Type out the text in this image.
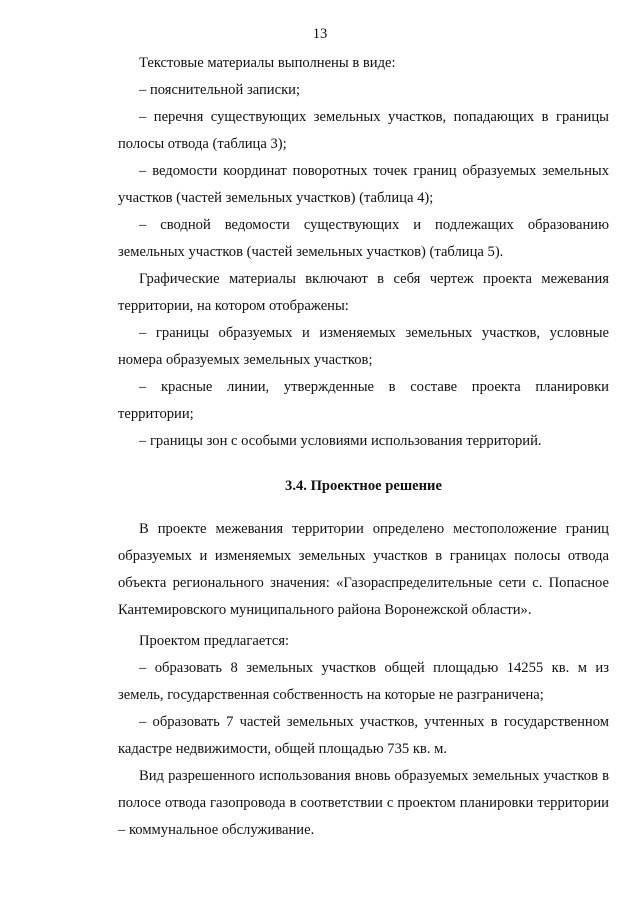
13

Текстовые материалы выполнены в виде:

– пояснительной записки;

– перечня существующих земельных участков, попадающих в границы полосы отвода (таблица 3);

– ведомости координат поворотных точек границ образуемых земельных участков (частей земельных участков) (таблица 4);

– сводной ведомости существующих и подлежащих образованию земельных участков (частей земельных участков) (таблица 5).

Графические материалы включают в себя чертеж проекта межевания территории, на котором отображены:

– границы образуемых и изменяемых земельных участков, условные номера образуемых земельных участков;

– красные линии, утвержденные в составе проекта планировки территории;

– границы зон с особыми условиями использования территорий.

3.4. Проектное решение

В проекте межевания территории определено местоположение границ образуемых и изменяемых земельных участков в границах полосы отвода объекта регионального значения: «Газораспределительные сети с. Попасное Кантемировского муниципального района Воронежской области».

Проектом предлагается:

– образовать 8 земельных участков общей площадью 14255 кв. м из земель, государственная собственность на которые не разграничена;

– образовать 7 частей земельных участков, учтенных в государственном кадастре недвижимости, общей площадью 735 кв. м.

Вид разрешенного использования вновь образуемых земельных участков в полосе отвода газопровода в соответствии с проектом планировки территории – коммунальное обслуживание.
